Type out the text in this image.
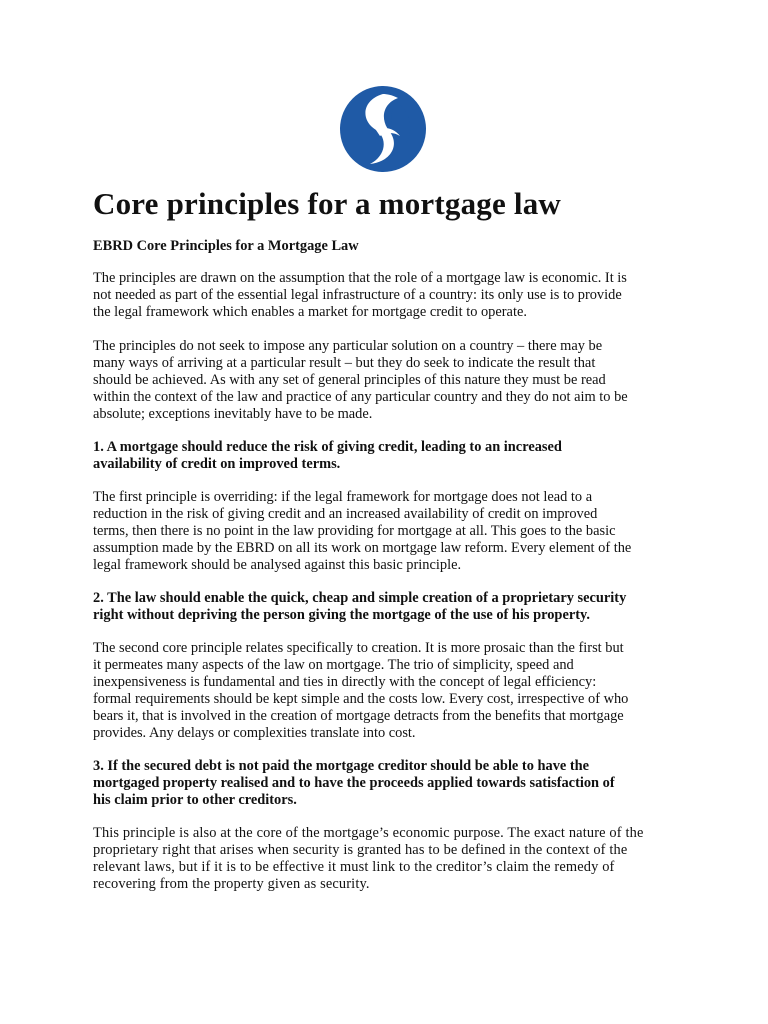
Core principles for a mortgage law

EBRD Core Principles for a Mortgage Law

The principles are drawn on the assumption that the role of a mortgage law is economic. It is
not needed as part of the essential legal infrastructure of a country: its only use is to provide
the legal framework which enables a market for mortgage credit to operate.

The principles do not seek to impose any particular solution on a country – there may be
many ways of arriving at a particular result – but they do seek to indicate the result that
should be achieved. As with any set of general principles of this nature they must be read
within the context of the law and practice of any particular country and they do not aim to be
absolute; exceptions inevitably have to be made.

1. A mortgage should reduce the risk of giving credit, leading to an increased
availability of credit on improved terms.

The first principle is overriding: if the legal framework for mortgage does not lead to a
reduction in the risk of giving credit and an increased availability of credit on improved
terms, then there is no point in the law providing for mortgage at all. This goes to the basic
assumption made by the EBRD on all its work on mortgage law reform. Every element of the
legal framework should be analysed against this basic principle.

2. The law should enable the quick, cheap and simple creation of a proprietary security
right without depriving the person giving the mortgage of the use of his property.

The second core principle relates specifically to creation. It is more prosaic than the first but
it permeates many aspects of the law on mortgage. The trio of simplicity, speed and
inexpensiveness is fundamental and ties in directly with the concept of legal efficiency:
formal requirements should be kept simple and the costs low. Every cost, irrespective of who
bears it, that is involved in the creation of mortgage detracts from the benefits that mortgage
provides. Any delays or complexities translate into cost.

3. If the secured debt is not paid the mortgage creditor should be able to have the
mortgaged property realised and to have the proceeds applied towards satisfaction of
his claim prior to other creditors.

This principle is also at the core of the mortgage’s economic purpose. The exact nature of the
proprietary right that arises when security is granted has to be defined in the context of the
relevant laws, but if it is to be effective it must link to the creditor’s claim the remedy of
recovering from the property given as security.
